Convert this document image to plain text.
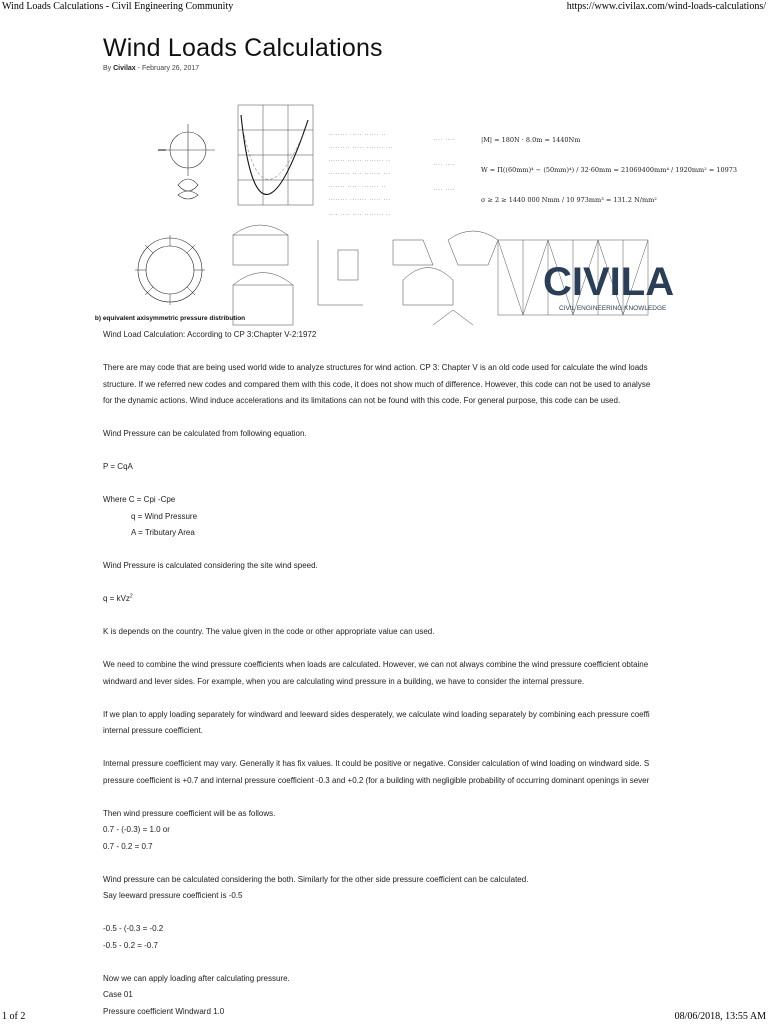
Wind Loads Calculations - Civil Engineering Community	https://www.civilax.com/wind-loads-calculations/
Wind Loads Calculations
By Civilax - February 26, 2017
........ ..... ...... ..
......... ..... ....... ...
....... ...... ........ ..
......... .... ....... ...
....... ..... ....... ..
........ ....... ..... ...
.... .... .... ........ ..
.... ....
.... ....
.... ....
|M| = 180N · 8.0m = 1440Nm
W = Π((60mm)⁴ − (50mm)⁴) / 32·60mm = 21069400mm⁴ / 1920mm² = 10973
σ ≥ 2 ≥ 1440 000 Nmm / 10 973mm³ = 131.2 N/mm²
b) equivalent axisymmetric pressure distribution
CIVILA
CIVIL ENGINEERING KNOWLEDGE

Wind Load Calculation: According to CP 3:Chapter V-2:1972

There are may code that are being used world wide to analyze structures for wind action. CP 3: Chapter V is an old code used for calculate the wind loads

structure. If we referred new codes and compared them with this code, it does not show much of difference. However, this code can not be used to analyse

for the dynamic actions. Wind induce accelerations and its limitations can not be found with this code. For general purpose, this code can be used.

Wind Pressure can be calculated from following equation.

P = CqA

Where C = Cpi -Cpe

q = Wind Pressure

A = Tributary Area

Wind Pressure is calculated considering the site wind speed.

q = kVz$^2$

K is depends on the country. The value given in the code or other appropriate value can used.

We need to combine the wind pressure coefficients when loads are calculated. However, we can not always combine the wind pressure coefficient obtaine

windward and lever sides. For example, when you are calculating wind pressure in a building, we have to consider the internal pressure.

If we plan to apply loading separately for windward and leeward sides desperately, we calculate wind loading separately by combining each pressure coeffi

internal pressure coefficient.

Internal pressure coefficient may vary. Generally it has fix values. It could be positive or negative. Consider calculation of wind loading on windward side. S

pressure coefficient is +0.7 and internal pressure coefficient -0.3 and +0.2 (for a building with negligible probability of occurring dominant openings in sever

Then wind pressure coefficient will be as follows.

0.7 - (-0.3) = 1.0 or

0.7 - 0.2 = 0.7

Wind pressure can be calculated considering the both. Similarly for the other side pressure coefficient can be calculated.

Say leeward pressure coefficient is -0.5

-0.5 - (-0.3 = -0.2

-0.5 - 0.2 = -0.7

Now we can apply loading after calculating pressure.

Case 01

Pressure coefficient Windward 1.0

1 of 2	08/06/2018, 13:55 AM
